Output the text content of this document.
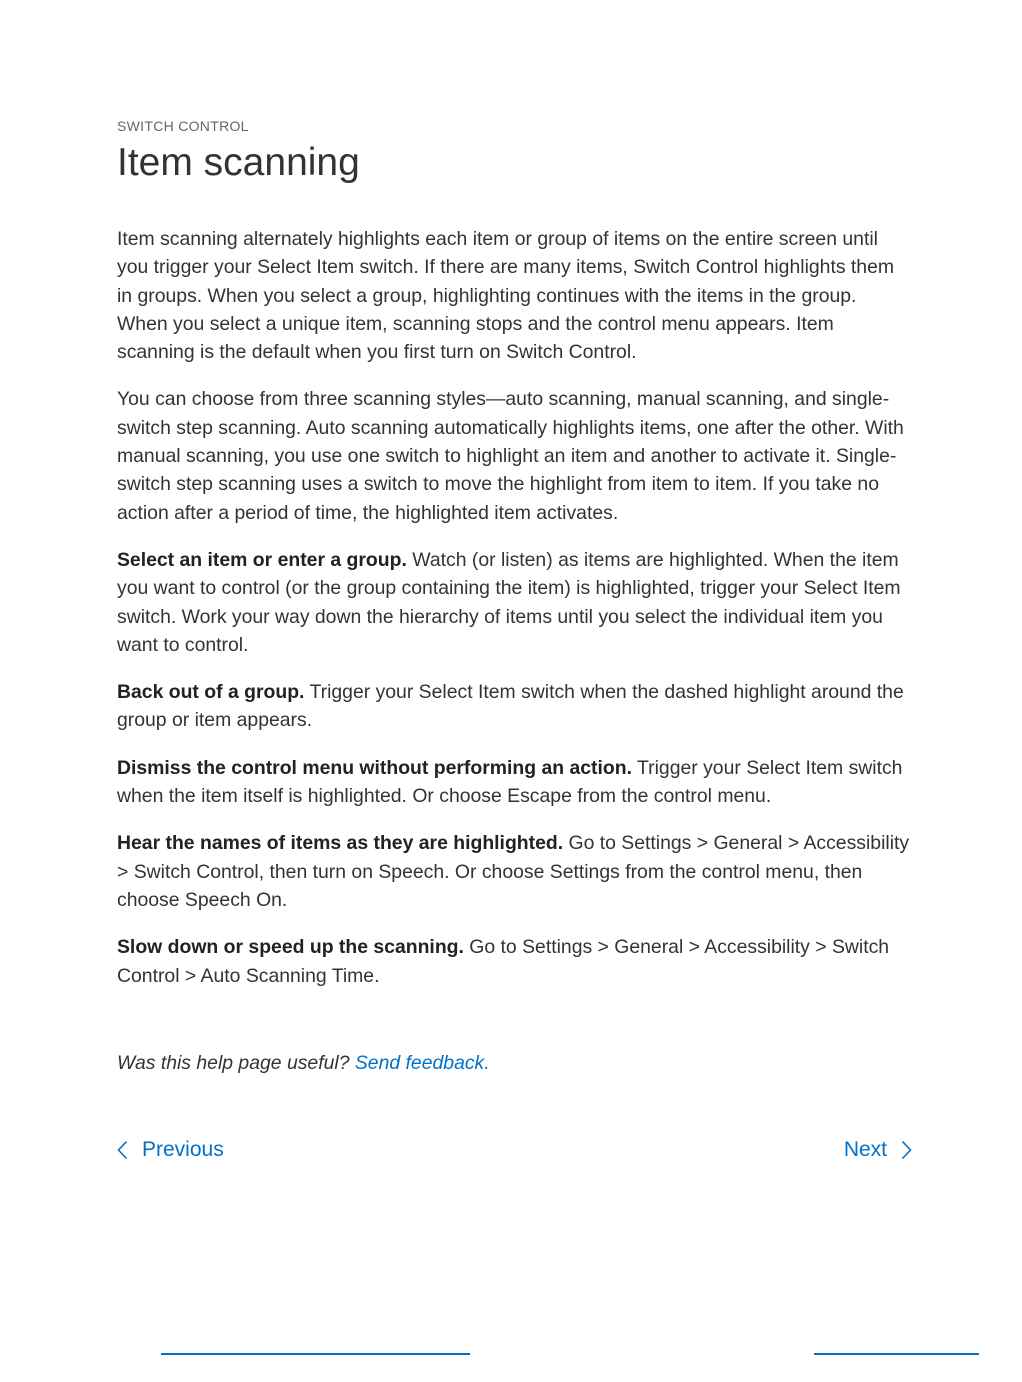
SWITCH CONTROL
Item scanning

Item scanning alternately highlights each item or group of items on the entire screen until you trigger your Select Item switch. If there are many items, Switch Control highlights them in groups. When you select a group, highlighting continues with the items in the group. When you select a unique item, scanning stops and the control menu appears. Item scanning is the default when you first turn on Switch Control.

You can choose from three scanning styles—auto scanning, manual scanning, and single-switch step scanning. Auto scanning automatically highlights items, one after the other. With manual scanning, you use one switch to highlight an item and another to activate it. Single-switch step scanning uses a switch to move the highlight from item to item. If you take no action after a period of time, the highlighted item activates.

Select an item or enter a group. Watch (or listen) as items are highlighted. When the item you want to control (or the group containing the item) is highlighted, trigger your Select Item switch. Work your way down the hierarchy of items until you select the individual item you want to control.

Back out of a group. Trigger your Select Item switch when the dashed highlight around the group or item appears.

Dismiss the control menu without performing an action. Trigger your Select Item switch when the item itself is highlighted. Or choose Escape from the control menu.

Hear the names of items as they are highlighted. Go to Settings > General > Accessibility > Switch Control, then turn on Speech. Or choose Settings from the control menu, then choose Speech On.

Slow down or speed up the scanning. Go to Settings > General > Accessibility > Switch Control > Auto Scanning Time.

Was this help page useful? Send feedback.
Previous	Next
